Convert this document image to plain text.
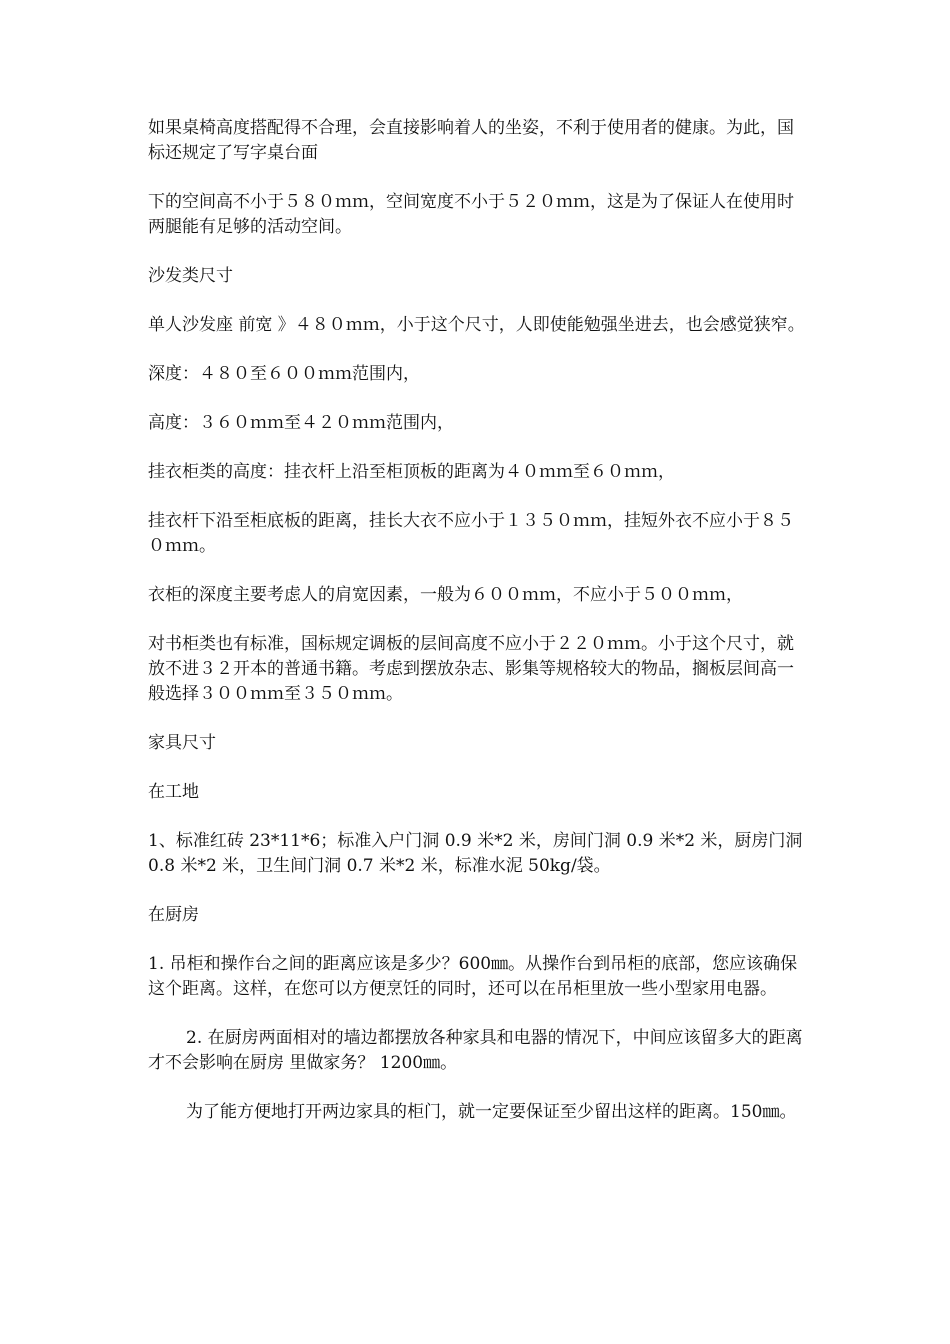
如果桌椅高度搭配得不合理，会直接影响着人的坐姿，不利于使用者的健康。为此，国标还规定了写字桌台面

下的空间高不小于５８０ｍｍ，空间宽度不小于５２０ｍｍ，这是为了保证人在使用时两腿能有足够的活动空间。

沙发类尺寸

单人沙发座 前宽 》４８０ｍｍ，小于这个尺寸，人即使能勉强坐进去，也会感觉狭窄。

深度：４８０至６００ｍｍ范围内，

高度：３６０ｍｍ至４２０ｍｍ范围内，

挂衣柜类的高度：挂衣杆上沿至柜顶板的距离为４０ｍｍ至６０ｍｍ，

挂衣杆下沿至柜底板的距离，挂长大衣不应小于１３５０ｍｍ，挂短外衣不应小于８５０ｍｍ。

衣柜的深度主要考虑人的肩宽因素，一般为６００ｍｍ，不应小于５００ｍｍ，

对书柜类也有标准，国标规定调板的层间高度不应小于２２０ｍｍ。小于这个尺寸，就放不进３２开本的普通书籍。考虑到摆放杂志、影集等规格较大的物品，搁板层间高一般选择３００ｍｍ至３５０ｍｍ。

家具尺寸

在工地

1、标准红砖 23*11*6；标准入户门洞 0.9 米*2 米，房间门洞 0.9 米*2 米，厨房门洞 0.8 米*2 米，卫生间门洞 0.7 米*2 米，标准水泥 50kg/袋。

在厨房

1. 吊柜和操作台之间的距离应该是多少？600㎜。从操作台到吊柜的底部，您应该确保这个距离。这样，在您可以方便烹饪的同时，还可以在吊柜里放一些小型家用电器。

2. 在厨房两面相对的墙边都摆放各种家具和电器的情况下，中间应该留多大的距离才不会影响在厨房 里做家务？ 1200㎜。

为了能方便地打开两边家具的柜门，就一定要保证至少留出这样的距离。150㎜。
